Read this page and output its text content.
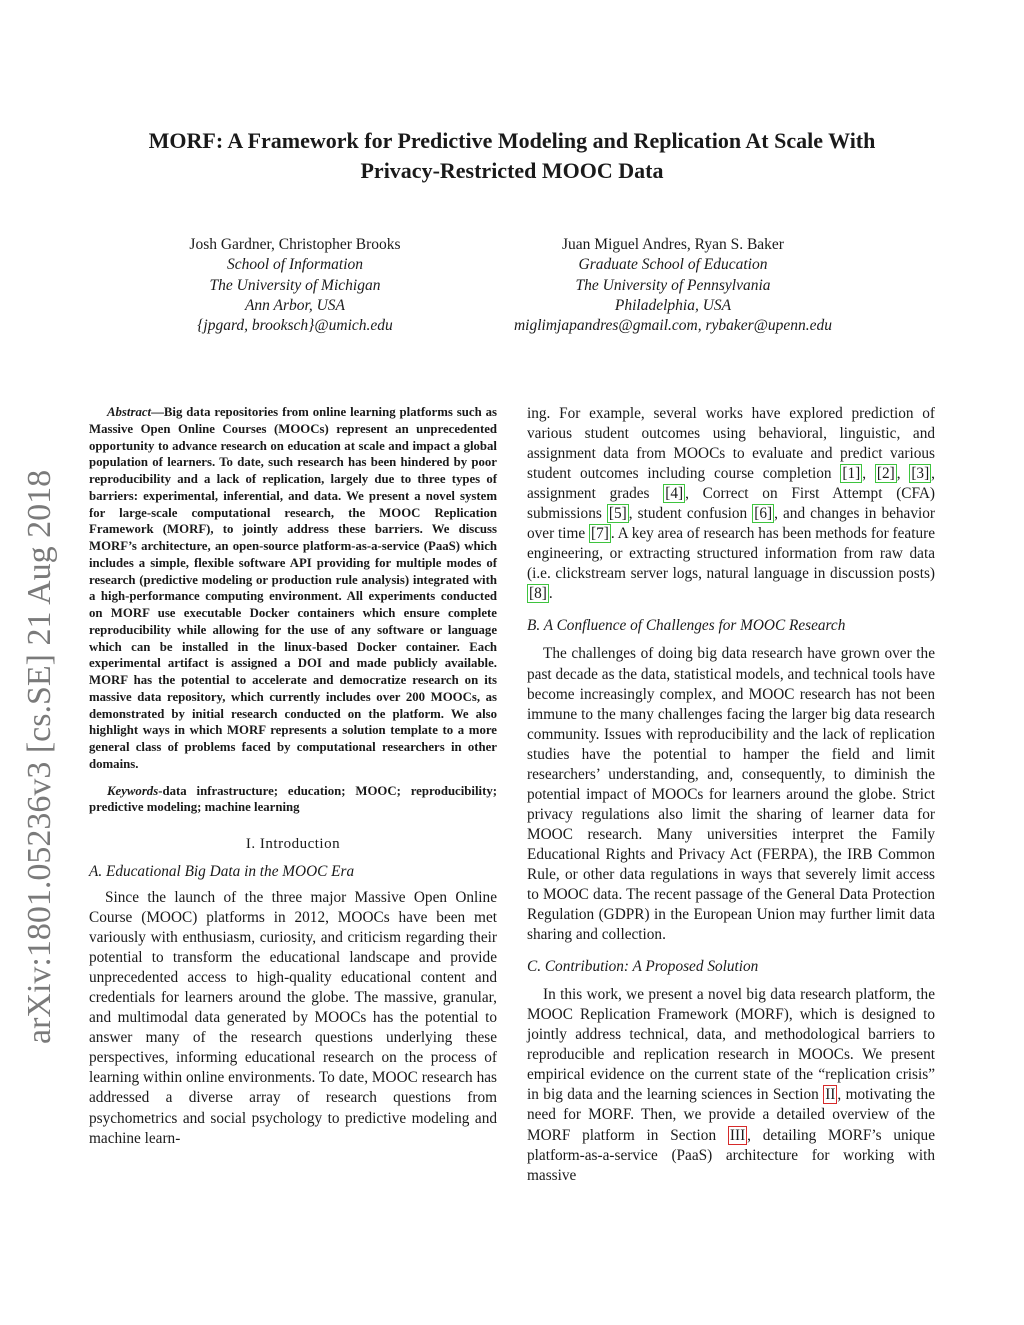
MORF: A Framework for Predictive Modeling and Replication At Scale With
Privacy-Restricted MOOC Data
Josh Gardner, Christopher Brooks
School of Information
The University of Michigan
Ann Arbor, USA
{jpgard, brooksch}@umich.edu
Juan Miguel Andres, Ryan S. Baker
Graduate School of Education
The University of Pennsylvania
Philadelphia, USA
miglimjapandres@gmail.com, rybaker@upenn.edu
arXiv:1801.05236v3 [cs.SE] 21 Aug 2018

Abstract—Big data repositories from online learning platforms such as Massive Open Online Courses (MOOCs) represent an unprecedented opportunity to advance research on education at scale and impact a global population of learners. To date, such research has been hindered by poor reproducibility and a lack of replication, largely due to three types of barriers: experimental, inferential, and data. We present a novel system for large-scale computational research, the MOOC Replication Framework (MORF), to jointly address these barriers. We discuss MORF’s architecture, an open-source platform-as-a-service (PaaS) which includes a simple, flexible software API providing for multiple modes of research (predictive modeling or production rule analysis) integrated with a high-performance computing environment. All experiments conducted on MORF use executable Docker containers which ensure complete reproducibility while allowing for the use of any software or language which can be installed in the linux-based Docker container. Each experimental artifact is assigned a DOI and made publicly available. MORF has the potential to accelerate and democratize research on its massive data repository, which currently includes over 200 MOOCs, as demonstrated by initial research conducted on the platform. We also highlight ways in which MORF represents a solution template to a more general class of problems faced by computational researchers in other domains.

Keywords-data infrastructure; education; MOOC; reproducibility; predictive modeling; machine learning

I. Introduction
A. Educational Big Data in the MOOC Era

Since the launch of the three major Massive Open Online Course (MOOC) platforms in 2012, MOOCs have been met variously with enthusiasm, curiosity, and criticism regarding their potential to transform the educational landscape and provide unprecedented access to high-quality educational content and credentials for learners around the globe. The massive, granular, and multimodal data generated by MOOCs has the potential to answer many of the research questions underlying these perspectives, informing educational research on the process of learning within online environments. To date, MOOC research has addressed a diverse array of research questions from psychometrics and social psychology to predictive modeling and machine learn-

ing. For example, several works have explored prediction of various student outcomes using behavioral, linguistic, and assignment data from MOOCs to evaluate and predict various student outcomes including course completion [1] , [2] , [3] , assignment grades [4] , Correct on First Attempt (CFA) submissions [5] , student confusion [6] , and changes in behavior over time [7] . A key area of research has been methods for feature engineering, or extracting structured information from raw data (i.e. clickstream server logs, natural language in discussion posts) [8] .

B. A Confluence of Challenges for MOOC Research

The challenges of doing big data research have grown over the past decade as the data, statistical models, and technical tools have become increasingly complex, and MOOC research has not been immune to the many challenges facing the larger big data research community. Issues with reproducibility and the lack of replication studies have the potential to hamper the field and limit researchers’ understanding, and, consequently, to diminish the potential impact of MOOCs for learners around the globe. Strict privacy regulations also limit the sharing of learner data for MOOC research. Many universities interpret the Family Educational Rights and Privacy Act (FERPA), the IRB Common Rule, or other data regulations in ways that severely limit access to MOOC data. The recent passage of the General Data Protection Regulation (GDPR) in the European Union may further limit data sharing and collection.

C. Contribution: A Proposed Solution

In this work, we present a novel big data research platform, the MOOC Replication Framework (MORF), which is designed to jointly address technical, data, and methodological barriers to reproducible and replication research in MOOCs. We present empirical evidence on the current state of the “replication crisis” in big data and the learning sciences in Section II , motivating the need for MORF. Then, we provide a detailed overview of the MORF platform in Section III , detailing MORF’s unique platform-as-a-service (PaaS) architecture for working with massive
